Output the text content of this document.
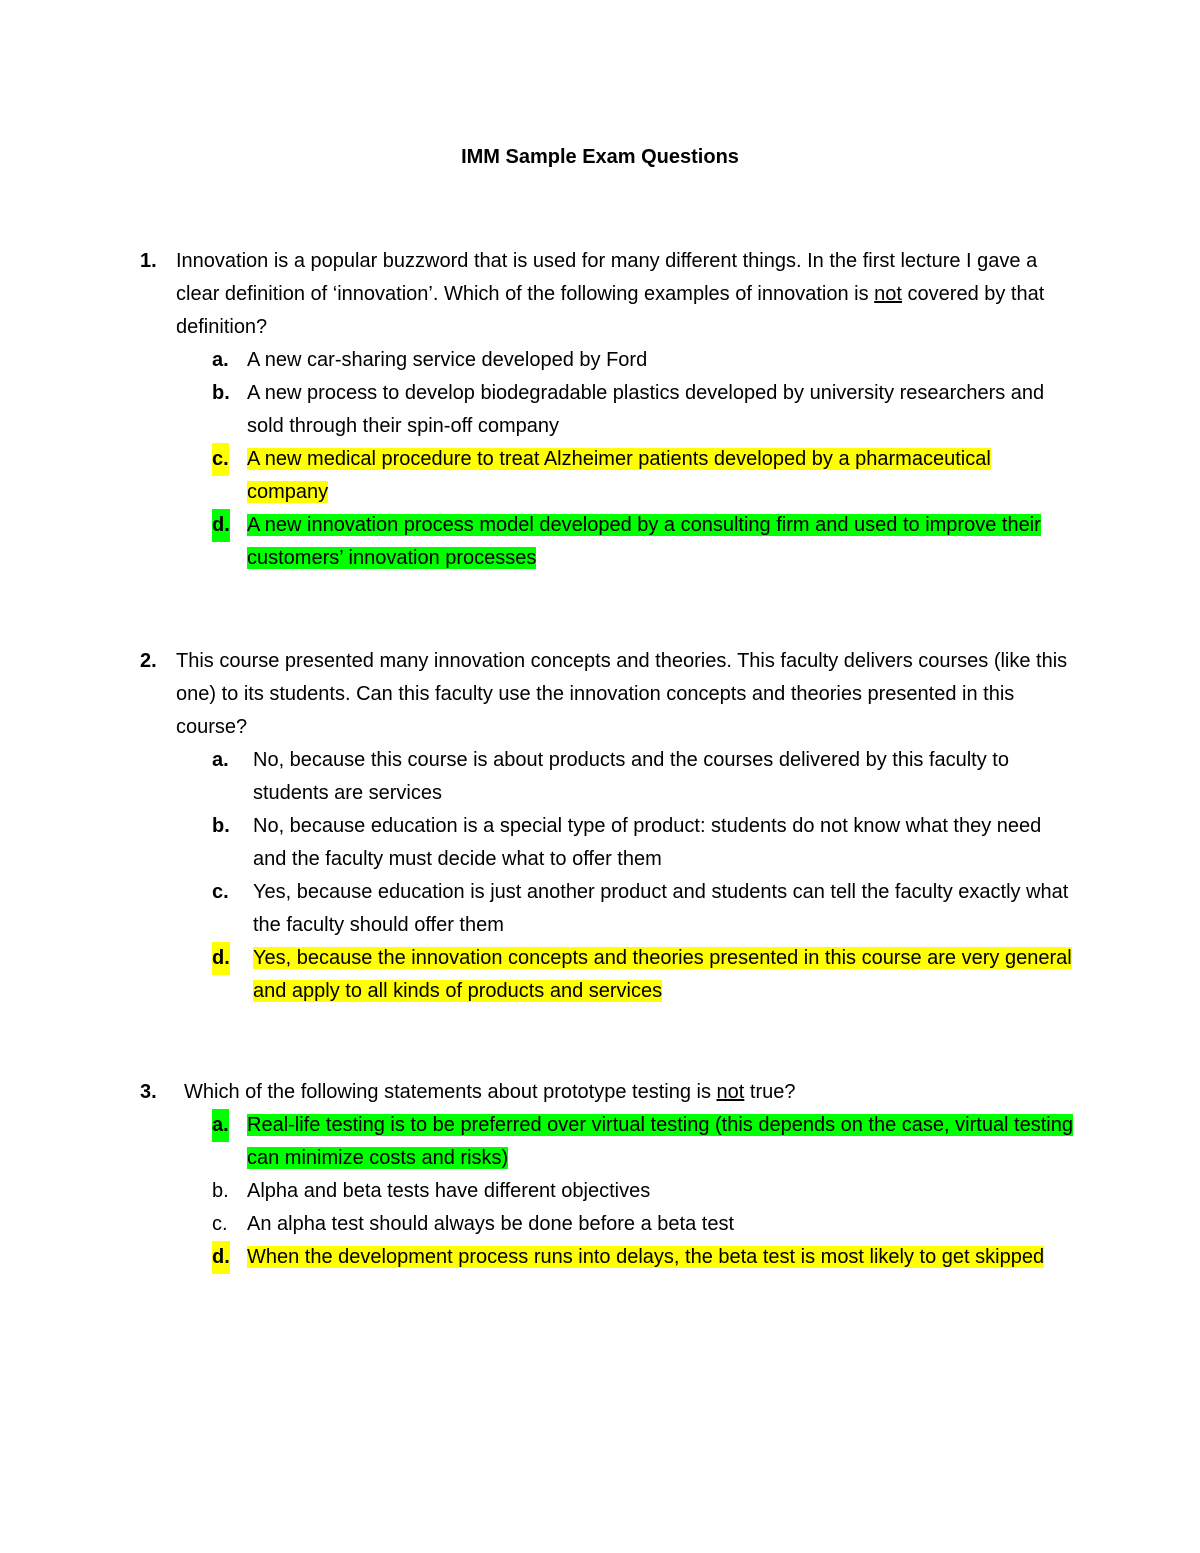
IMM Sample Exam Questions
1. Innovation is a popular buzzword that is used for many different things. In the first lecture I gave a clear definition of ‘innovation’. Which of the following examples of innovation is not covered by that definition?
a. A new car-sharing service developed by Ford
b. A new process to develop biodegradable plastics developed by university researchers and sold through their spin-off company
c. A new medical procedure to treat Alzheimer patients developed by a pharmaceutical company
d. A new innovation process model developed by a consulting firm and used to improve their customers’ innovation processes
2. This course presented many innovation concepts and theories. This faculty delivers courses (like this one) to its students. Can this faculty use the innovation concepts and theories presented in this course?
a. No, because this course is about products and the courses delivered by this faculty to students are services
b. No, because education is a special type of product: students do not know what they need and the faculty must decide what to offer them
c. Yes, because education is just another product and students can tell the faculty exactly what the faculty should offer them
d. Yes, because the innovation concepts and theories presented in this course are very general and apply to all kinds of products and services
3. Which of the following statements about prototype testing is not true?
a. Real-life testing is to be preferred over virtual testing (this depends on the case, virtual testing can minimize costs and risks)
b. Alpha and beta tests have different objectives
c. An alpha test should always be done before a beta test
d. When the development process runs into delays, the beta test is most likely to get skipped
